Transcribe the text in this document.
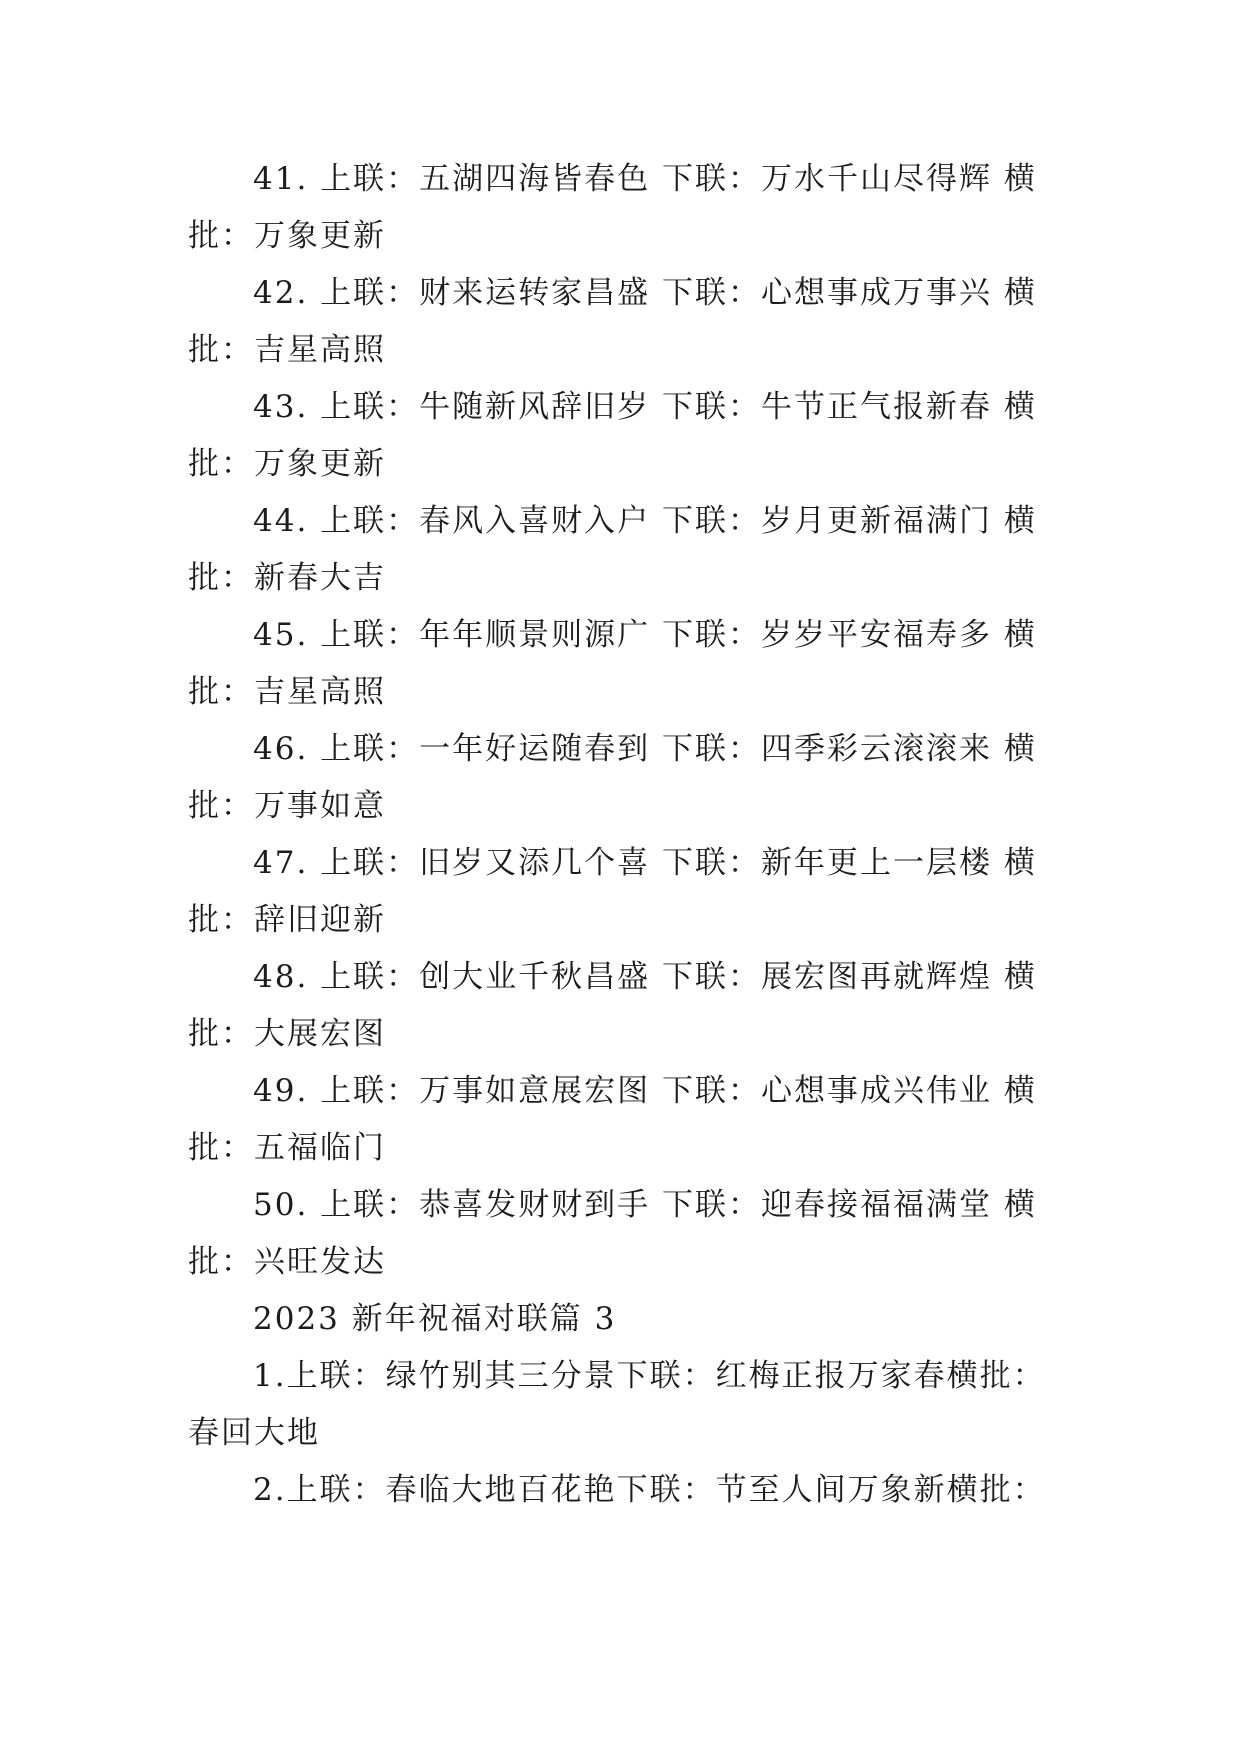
41. 上联：五湖四海皆春色 下联：万水千山尽得辉 横
批：万象更新
42. 上联：财来运转家昌盛 下联：心想事成万事兴 横
批：吉星高照
43. 上联：牛随新风辞旧岁 下联：牛节正气报新春 横
批：万象更新
44. 上联：春风入喜财入户 下联：岁月更新福满门 横
批：新春大吉
45. 上联：年年顺景则源广 下联：岁岁平安福寿多 横
批：吉星高照
46. 上联：一年好运随春到 下联：四季彩云滚滚来 横
批：万事如意
47. 上联：旧岁又添几个喜 下联：新年更上一层楼 横
批：辞旧迎新
48. 上联：创大业千秋昌盛 下联：展宏图再就辉煌 横
批：大展宏图
49. 上联：万事如意展宏图 下联：心想事成兴伟业 横
批：五福临门
50. 上联：恭喜发财财到手 下联：迎春接福福满堂 横
批：兴旺发达
2023 新年祝福对联篇 3
1.上联：绿竹别其三分景下联：红梅正报万家春横批：
春回大地
2.上联：春临大地百花艳下联：节至人间万象新横批：
